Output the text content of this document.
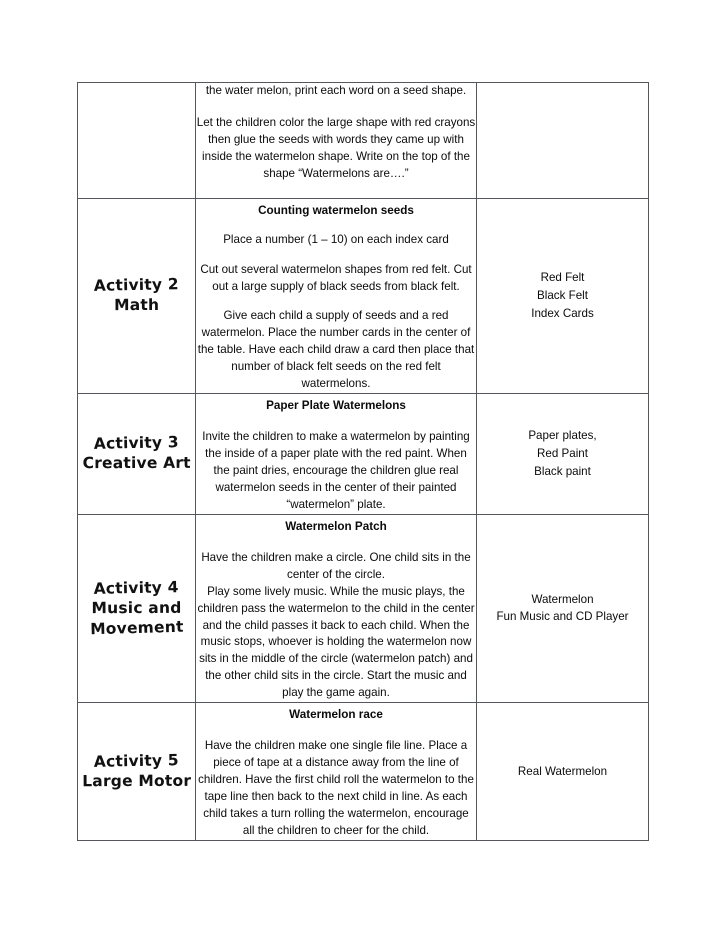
	the water melon, print each word on a seed shape.
Let the children color the large shape with red crayons then glue the seeds with words they came up with inside the watermelon shape. Write on the top of the shape “Watermelons are….”	

Activity 2
Math

Counting watermelon seeds
Place a number (1 – 10) on each index card
Cut out several watermelon shapes from red felt. Cut out a large supply of black seeds from black felt.
Give each child a supply of seeds and a red watermelon. Place the number cards in the center of the table. Have each child draw a card then place that number of black felt seeds on the red felt watermelons.

Red Felt
Black Felt
Index Cards

Activity 3
Creative Art

Paper Plate Watermelons
Invite the children to make a watermelon by painting the inside of a paper plate with the red paint. When the paint dries, encourage the children glue real watermelon seeds in the center of their painted “watermelon” plate.

Paper plates,
Red Paint
Black paint

Activity 4
Music and
Movement

Watermelon Patch
Have the children make a circle. One child sits in the center of the circle.
Play some lively music. While the music plays, the children pass the watermelon to the child in the center and the child passes it back to each child. When the music stops, whoever is holding the watermelon now sits in the middle of the circle (watermelon patch) and the other child sits in the circle. Start the music and play the game again.

Watermelon
Fun Music and CD Player

Activity 5
Large Motor

Watermelon race
Have the children make one single file line. Place a piece of tape at a distance away from the line of children. Have the first child roll the watermelon to the tape line then back to the next child in line. As each child takes a turn rolling the watermelon, encourage all the children to cheer for the child.

Real Watermelon
